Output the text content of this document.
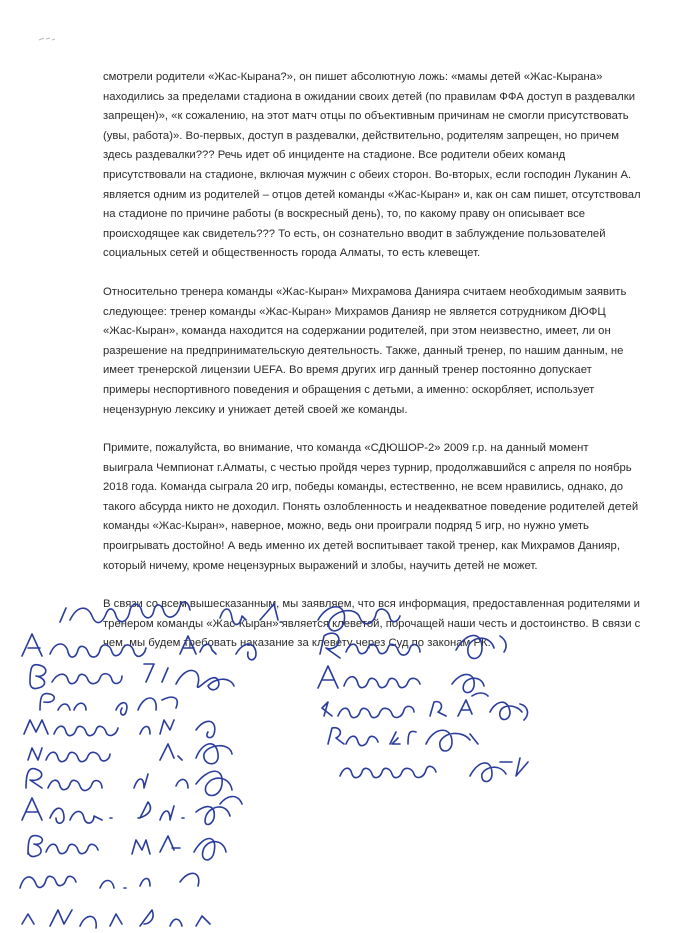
смотрели родители «Жас-Кырана?», он пишет абсолютную ложь: «мамы детей «Жас-Кырана» находились за пределами стадиона в ожидании своих детей (по правилам ФФА доступ в раздевалки запрещен)», «к сожалению, на этот матч отцы по объективным причинам не смогли присутствовать (увы, работа)». Во-первых, доступ в раздевалки, действительно, родителям запрещен, но причем здесь раздевалки??? Речь идет об инциденте на стадионе. Все родители обеих команд присутствовали на стадионе, включая мужчин с обеих сторон. Во-вторых, если господин Луканин А. является одним из родителей – отцов детей команды «Жас-Кыран» и, как он сам пишет, отсутствовал на стадионе по причине работы (в воскресный день), то, по какому праву он описывает все происходящее как свидетель??? То есть, он сознательно вводит в заблуждение пользователей социальных сетей и общественность города Алматы, то есть клевещет.

Относительно тренера команды «Жас-Кыран» Михрамова Данияра считаем необходимым заявить следующее: тренер команды «Жас-Кыран» Михрамов Данияр не является сотрудником ДЮФЦ «Жас-Кыран», команда находится на содержании родителей, при этом неизвестно, имеет, ли он разрешение на предпринимательскую деятельность. Также, данный тренер, по нашим данным, не имеет тренерской лицензии UEFA. Во время других игр данный тренер постоянно допускает примеры неспортивного поведения и обращения с детьми, а именно: оскорбляет, использует нецензурную лексику и унижает детей своей же команды.

Примите, пожалуйста, во внимание, что команда «СДЮШОР-2» 2009 г.р. на данный момент выиграла Чемпионат г.Алматы, с честью пройдя через турнир, продолжавшийся с апреля по ноябрь 2018 года. Команда сыграла 20 игр, победы команды, естественно, не всем нравились, однако, до такого абсурда никто не доходил. Понять озлобленность и неадекватное поведение родителей детей команды «Жас-Кыран», наверное, можно, ведь они проиграли подряд 5 игр, но нужно уметь проигрывать достойно! А ведь именно их детей воспитывает такой тренер, как Михрамов Данияр, который ничему, кроме нецензурных выражений и злобы, научить детей не может.

В связи со всем вышесказанным, мы заявляем, что вся информация, предоставленная родителями и тренером команды «Жас-Кыран» является клеветой, порочащей наши честь и достоинство. В связи с чем, мы будем требовать наказание за клевету через Суд по законам РК.
